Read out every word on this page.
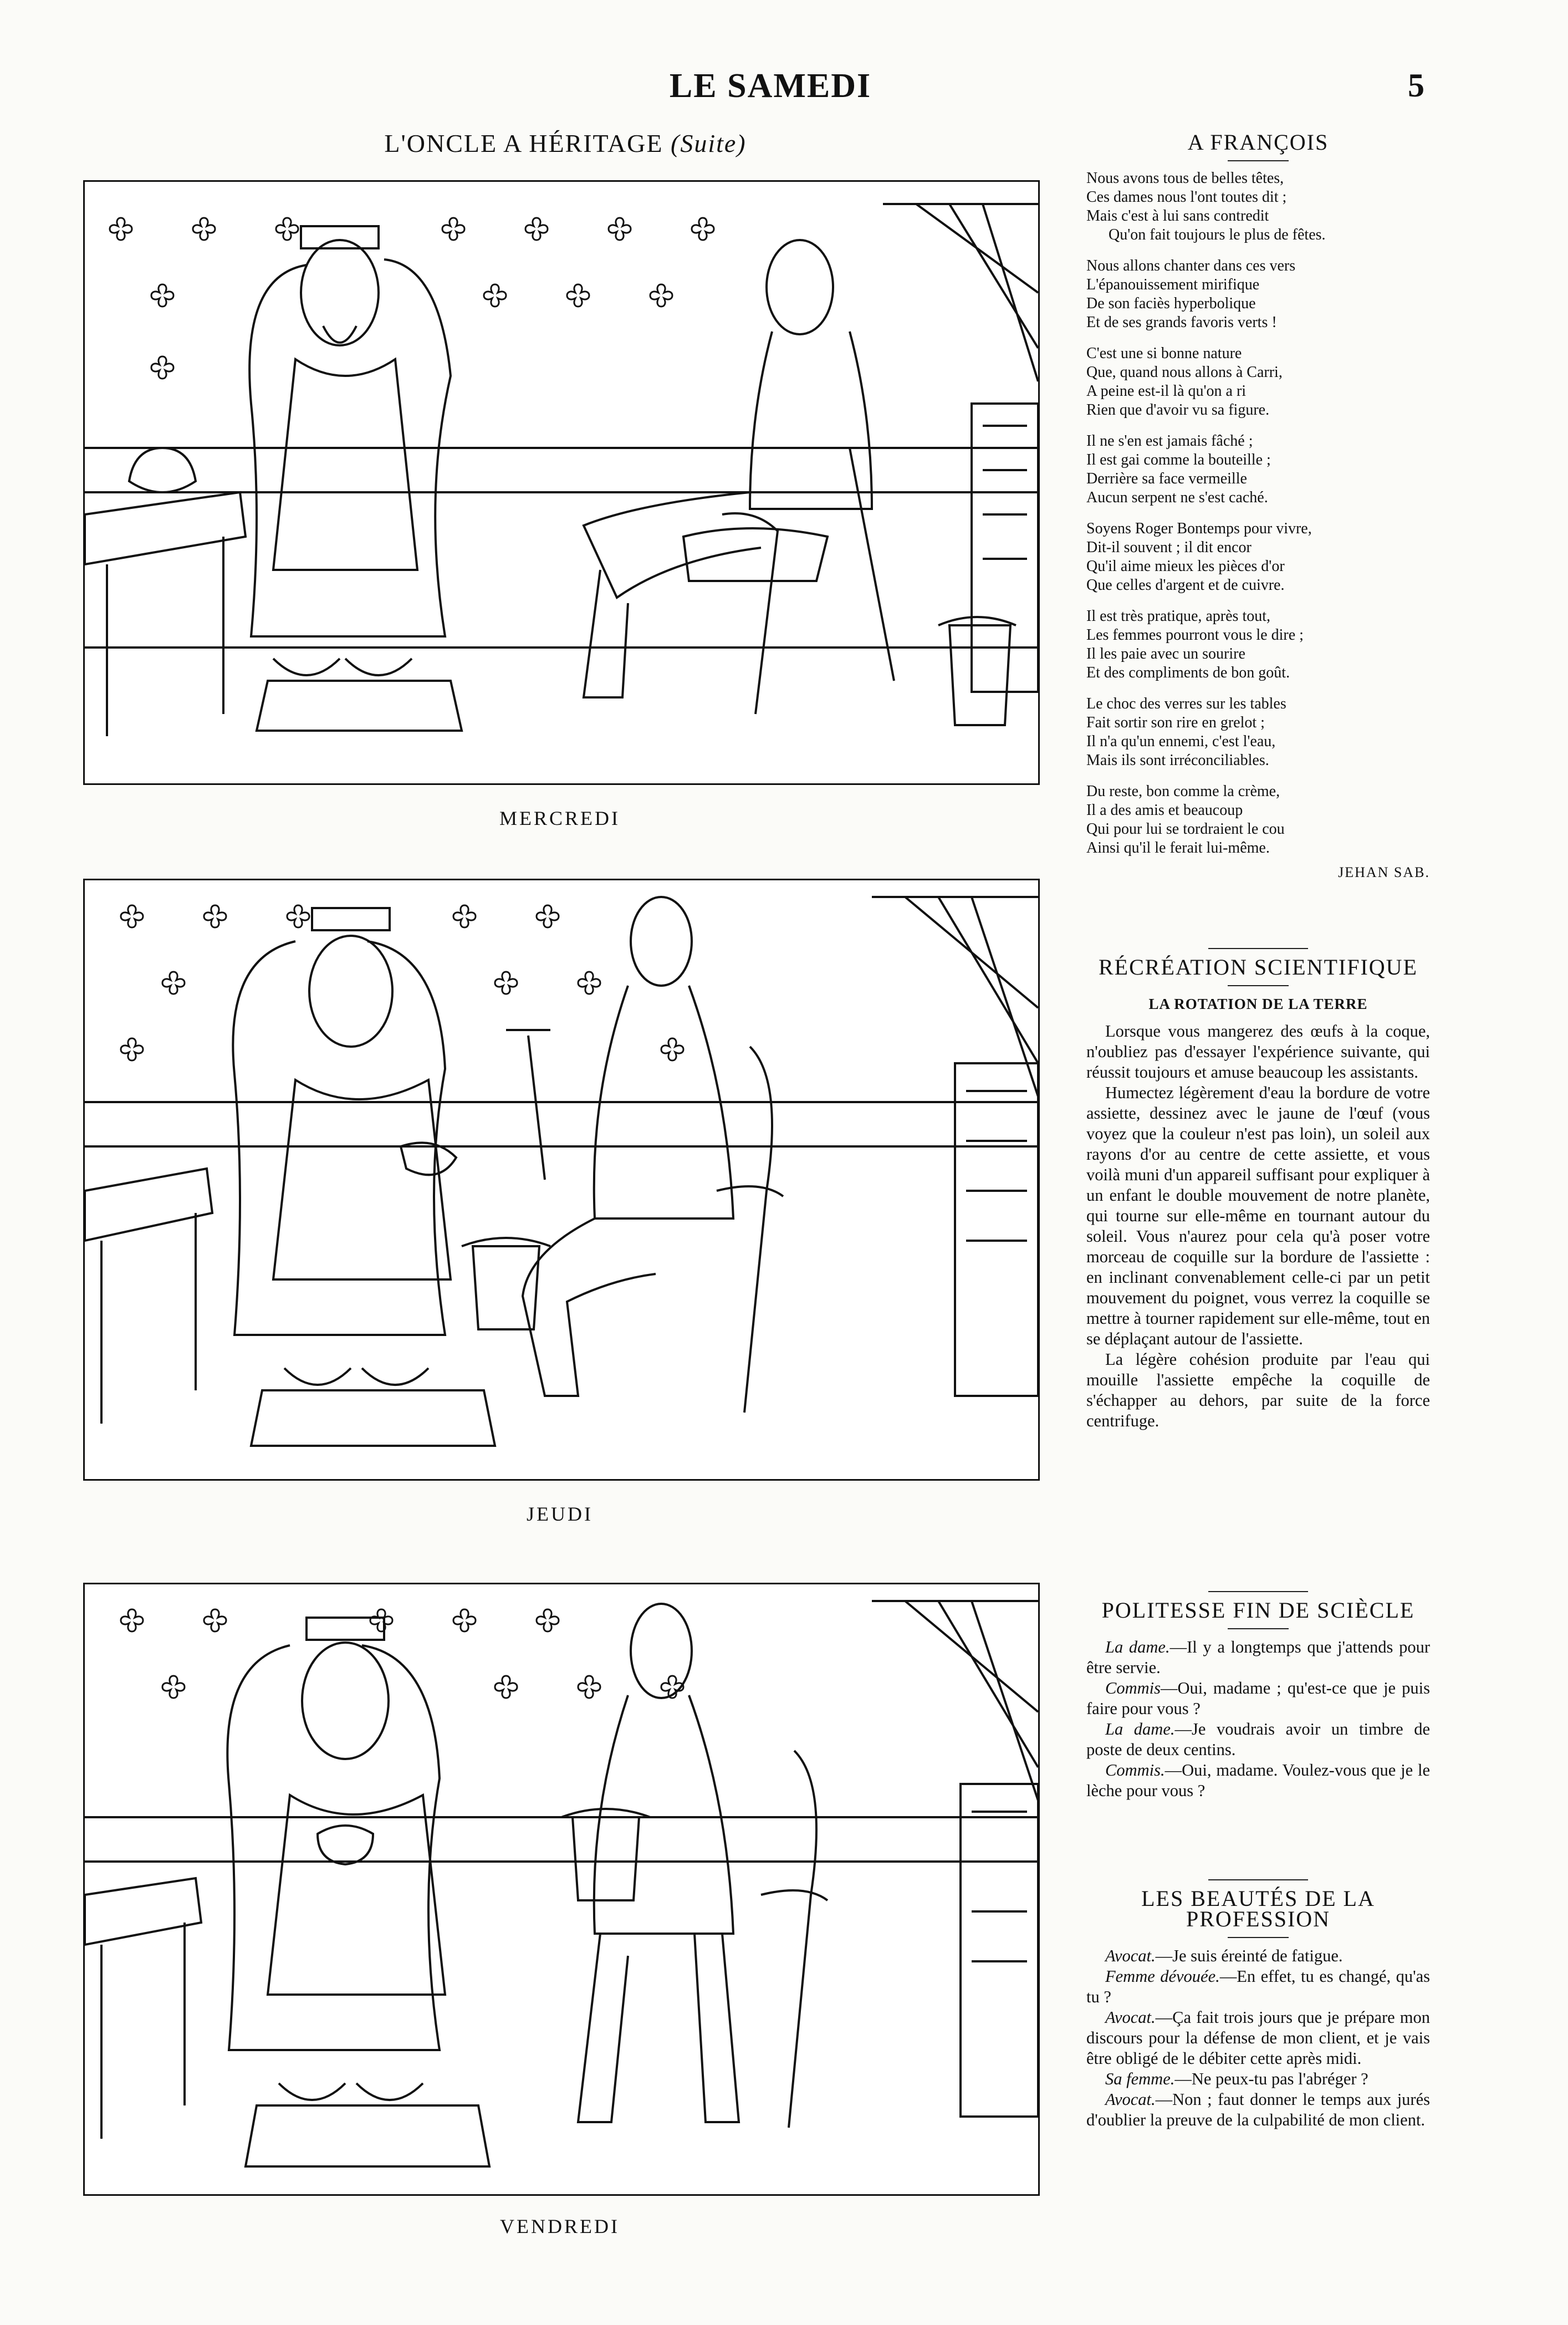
LE SAMEDI	5
L'ONCLE A HÉRITAGE (Suite)
MERCREDI
JEUDI
VENDREDI
A FRANÇOIS

Nous avons tous de belles têtes,
Ces dames nous l'ont toutes dit ;
Mais c'est à lui sans contredit
Qu'on fait toujours le plus de fêtes.

Nous allons chanter dans ces vers
L'épanouissement mirifique
De son faciès hyperbolique
Et de ses grands favoris verts !

C'est une si bonne nature
Que, quand nous allons à Carri,
A peine est-il là qu'on a ri
Rien que d'avoir vu sa figure.

Il ne s'en est jamais fâché ;
Il est gai comme la bouteille ;
Derrière sa face vermeille
Aucun serpent ne s'est caché.

Soyens Roger Bontemps pour vivre,
Dit-il souvent ; il dit encor
Qu'il aime mieux les pièces d'or
Que celles d'argent et de cuivre.

Il est très pratique, après tout,
Les femmes pourront vous le dire ;
Il les paie avec un sourire
Et des compliments de bon goût.

Le choc des verres sur les tables
Fait sortir son rire en grelot ;
Il n'a qu'un ennemi, c'est l'eau,
Mais ils sont irréconciliables.

Du reste, bon comme la crème,
Il a des amis et beaucoup
Qui pour lui se tordraient le cou
Ainsi qu'il le ferait lui-même.

JEHAN SAB.
RÉCRÉATION SCIENTIFIQUE
LA ROTATION DE LA TERRE

Lorsque vous mangerez des œufs à la coque, n'oubliez pas d'essayer l'expérience suivante, qui réussit toujours et amuse beaucoup les assistants.

Humectez légèrement d'eau la bordure de votre assiette, dessinez avec le jaune de l'œuf (vous voyez que la couleur n'est pas loin), un soleil aux rayons d'or au centre de cette assiette, et vous voilà muni d'un appareil suffisant pour expliquer à un enfant le double mouvement de notre planète, qui tourne sur elle-même en tournant autour du soleil. Vous n'aurez pour cela qu'à poser votre morceau de coquille sur la bordure de l'assiette : en inclinant convenablement celle-ci par un petit mouvement du poignet, vous verrez la coquille se mettre à tourner rapidement sur elle-même, tout en se déplaçant autour de l'assiette.

La légère cohésion produite par l'eau qui mouille l'assiette empêche la coquille de s'échapper au dehors, par suite de la force centrifuge.

POLITESSE FIN DE SCIÈCLE

La dame.—Il y a longtemps que j'attends pour être servie.

Commis—Oui, madame ; qu'est-ce que je puis faire pour vous ?

La dame.—Je voudrais avoir un timbre de poste de deux centins.

Commis.—Oui, madame. Voulez-vous que je le lèche pour vous ?

LES BEAUTÉS DE LA PROFESSION

Avocat.—Je suis éreinté de fatigue.

Femme dévouée.—En effet, tu es changé, qu'as tu ?

Avocat.—Ça fait trois jours que je prépare mon discours pour la défense de mon client, et je vais être obligé de le débiter cette après midi.

Sa femme.—Ne peux-tu pas l'abréger ?

Avocat.—Non ; faut donner le temps aux jurés d'oublier la preuve de la culpabilité de mon client.
